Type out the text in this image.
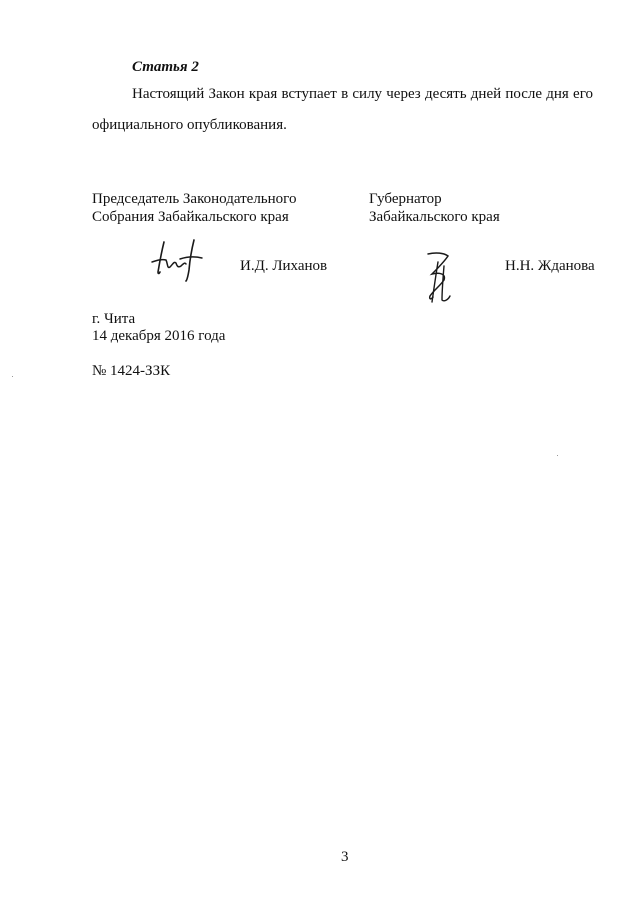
Статья 2
Настоящий Закон края вступает в силу через десять дней после дня его
официального опубликования.
Председатель Законодательного
Собрания Забайкальского края
Губернатор
Забайкальского края
И.Д. Лиханов	Н.Н. Жданова
г. Чита
14 декабря 2016 года
№ 1424-ЗЗК
3
